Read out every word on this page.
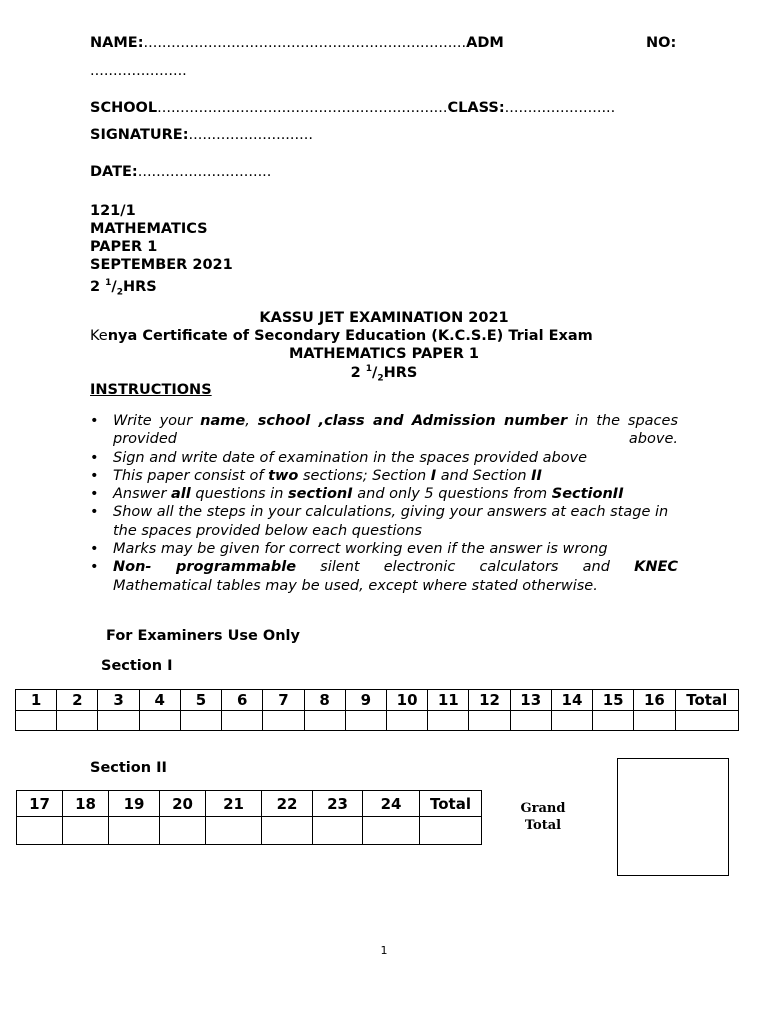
NAME:......................................................................ADM	NO:
.....................
SCHOOL...............................................................CLASS:........................
SIGNATURE:...........................
DATE:.............................
121/1
MATHEMATICS
PAPER 1
SEPTEMBER 2021
2 $^1/_2HRS$
KASSU JET EXAMINATION 2021
Kenya Certificate of Secondary Education (K.C.S.E) Trial Exam
MATHEMATICS PAPER 1
2 $^1/_2HRS$
INSTRUCTIONS
• Write your name, school ,class and Admission number in the spaces provided above.
• Sign and write date of examination in the spaces provided above
• This paper consist of two sections; Section I and Section II
• Answer all questions in sectionI and only 5 questions from SectionII
• Show all the steps in your calculations, giving your answers at each stage in the spaces provided below each questions
• Marks may be given for correct working even if the answer is wrong
• Non- programmable silent electronic calculators and KNEC
Mathematical tables may be used, except where stated otherwise.
For Examiners Use Only
Section I
1	2	3	4	5	6	7	8	9	10	11	12	13	14	15	16	Total

Section II
17	18	19	20	21	22	23	24	Total
									Grand
Total
1
